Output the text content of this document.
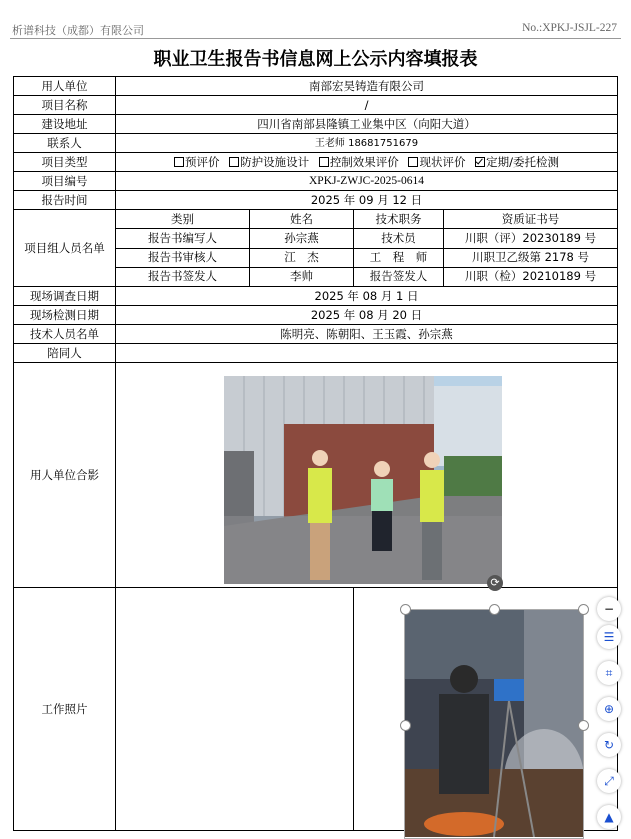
析谱科技（成都）有限公司	No.:XPKJ-JSJL-227
职业卫生报告书信息网上公示内容填报表
用人单位	南部宏昊铸造有限公司			
项目名称	/			
建设地址	四川省南部县隆镇工业集中区（向阳大道）			
联系人	王老师 18681751679			
项目类型	预评价 防护设施设计 控制效果评价 现状评价 定期/委托检测			
项目编号	XPKJ-ZWJC-2025-0614			
报告时间	2025 年 09 月 12 日			
项目组人员名单	类别	姓名	技术职务	资质证书号
	报告书编写人	孙宗燕	技术员	川职（评）20230189 号
	报告书审核人	江　杰	工　程　师	川职卫乙级第 2178 号
	报告书签发人	李帅	报告签发人	川职（检）20210189 号
现场调查日期	2025 年 08 月 1 日			
现场检测日期	2025 年 08 月 20 日			
技术人员名单	陈明亮、陈朝阳、王玉霞、孙宗燕			
陪同人				
用人单位合影				
工作照片				
⟳
−
☰
⌗
⊕
↻
⤢
▲
